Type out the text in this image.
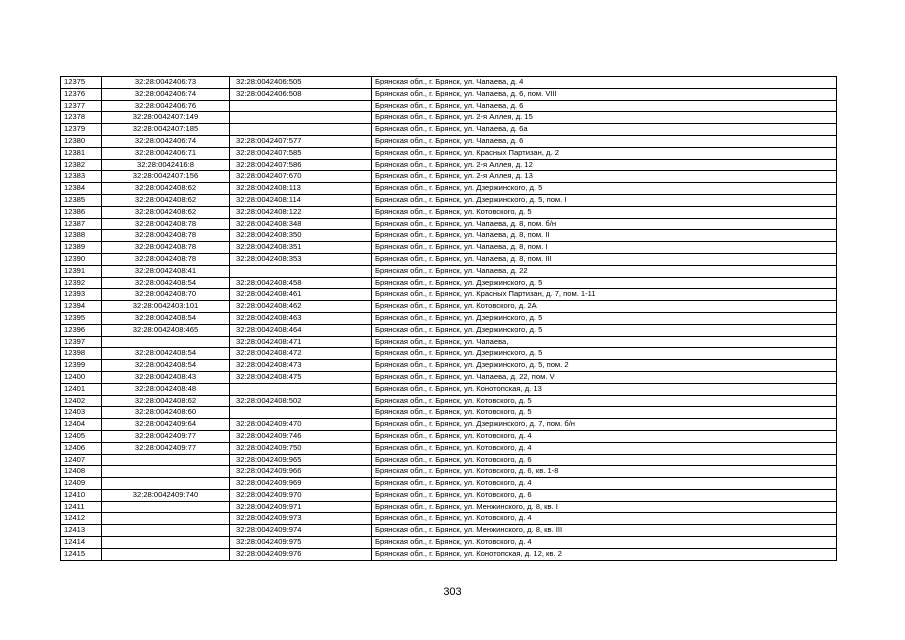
12375	32:28:0042406:73	32:28:0042406:505	Брянская обл., г. Брянск, ул. Чапаева, д. 4
12376	32:28:0042406:74	32:28:0042406:508	Брянская обл., г. Брянск, ул. Чапаева, д. 6, пом. VIII
12377	32:28:0042406:76		Брянская обл., г. Брянск, ул. Чапаева, д. 6
12378	32:28:0042407:149		Брянская обл., г. Брянск, ул. 2-я Аллея, д. 15
12379	32:28:0042407:185		Брянская обл., г. Брянск, ул. Чапаева, д. 6а
12380	32:28:0042406:74	32:28:0042407:577	Брянская обл., г. Брянск, ул. Чапаева, д. 6
12381	32:28:0042406:71	32:28:0042407:585	Брянская обл., г. Брянск, ул. Красных Партизан, д. 2
12382	32:28:0042416:8	32:28:0042407:586	Брянская обл., г. Брянск, ул. 2-я Аллея, д. 12
12383	32:28:0042407:156	32:28:0042407:670	Брянская обл., г. Брянск, ул. 2-я Аллея, д. 13
12384	32:28:0042408:62	32:28:0042408:113	Брянская обл., г. Брянск, ул. Дзержинского, д. 5
12385	32:28:0042408:62	32:28:0042408:114	Брянская обл., г. Брянск, ул. Дзержинского, д. 5, пом. I
12386	32:28:0042408:62	32:28:0042408:122	Брянская обл., г. Брянск, ул. Котовского, д. 5
12387	32:28:0042408:78	32:28:0042408:348	Брянская обл., г. Брянск, ул. Чапаева, д. 8, пом. б/н
12388	32:28:0042408:78	32:28:0042408:350	Брянская обл., г. Брянск, ул. Чапаева, д. 8, пом. II
12389	32:28:0042408:78	32:28:0042408:351	Брянская обл., г. Брянск, ул. Чапаева, д. 8, пом. I
12390	32:28:0042408:78	32:28:0042408:353	Брянская обл., г. Брянск, ул. Чапаева, д. 8, пом. III
12391	32:28:0042408:41		Брянская обл., г. Брянск, ул. Чапаева, д. 22
12392	32:28:0042408:54	32:28:0042408:458	Брянская обл., г. Брянск, ул. Дзержинского, д. 5
12393	32:28:0042408:70	32:28:0042408:461	Брянская обл., г. Брянск, ул. Красных Партизан, д. 7, пом. 1-11
12394	32:28:0042403:101	32:28:0042408:462	Брянская обл., г. Брянск, ул. Котовского, д. 2А
12395	32:28:0042408:54	32:28:0042408:463	Брянская обл., г. Брянск, ул. Дзержинского, д. 5
12396	32:28:0042408:465	32:28:0042408:464	Брянская обл., г. Брянск, ул. Дзержинского, д. 5
12397		32:28:0042408:471	Брянская обл., г. Брянск, ул. Чапаева,
12398	32:28:0042408:54	32:28:0042408:472	Брянская обл., г. Брянск, ул. Дзержинского, д. 5
12399	32:28:0042408:54	32:28:0042408:473	Брянская обл., г. Брянск, ул. Дзержинского, д. 5, пом. 2
12400	32:28:0042408:43	32:28:0042408:475	Брянская обл., г. Брянск, ул. Чапаева, д. 22, пом. V
12401	32:28:0042408:48		Брянская обл., г. Брянск, ул. Конотопская, д. 13
12402	32:28:0042408:62	32:28:0042408:502	Брянская обл., г. Брянск, ул. Котовского, д. 5
12403	32:28:0042408:60		Брянская обл., г. Брянск, ул. Котовского, д. 5
12404	32:28:0042409:64	32:28:0042409:470	Брянская обл., г. Брянск, ул. Дзержинского, д. 7, пом. б/н
12405	32:28:0042409:77	32:28:0042409:746	Брянская обл., г. Брянск, ул. Котовского, д. 4
12406	32:28:0042409:77	32:28:0042409:750	Брянская обл., г. Брянск, ул. Котовского, д. 4
12407		32:28:0042409:965	Брянская обл., г. Брянск, ул. Котовского, д. 6
12408		32:28:0042409:966	Брянская обл., г. Брянск, ул. Котовского, д. 6, кв. 1-8
12409		32:28:0042409:969	Брянская обл., г. Брянск, ул. Котовского, д. 4
12410	32:28:0042409:740	32:28:0042409:970	Брянская обл., г. Брянск, ул. Котовского, д. 6
12411		32:28:0042409:971	Брянская обл., г. Брянск, ул. Менжинского, д. 8, кв. I
12412		32:28:0042409:973	Брянская обл., г. Брянск, ул. Котовского, д. 4
12413		32:28:0042409:974	Брянская обл., г. Брянск, ул. Менжинского, д. 8, кв. III
12414		32:28:0042409:975	Брянская обл., г. Брянск, ул. Котовского, д. 4
12415		32:28:0042409:976	Брянская обл., г. Брянск, ул. Конотопская, д. 12, кв. 2
303
